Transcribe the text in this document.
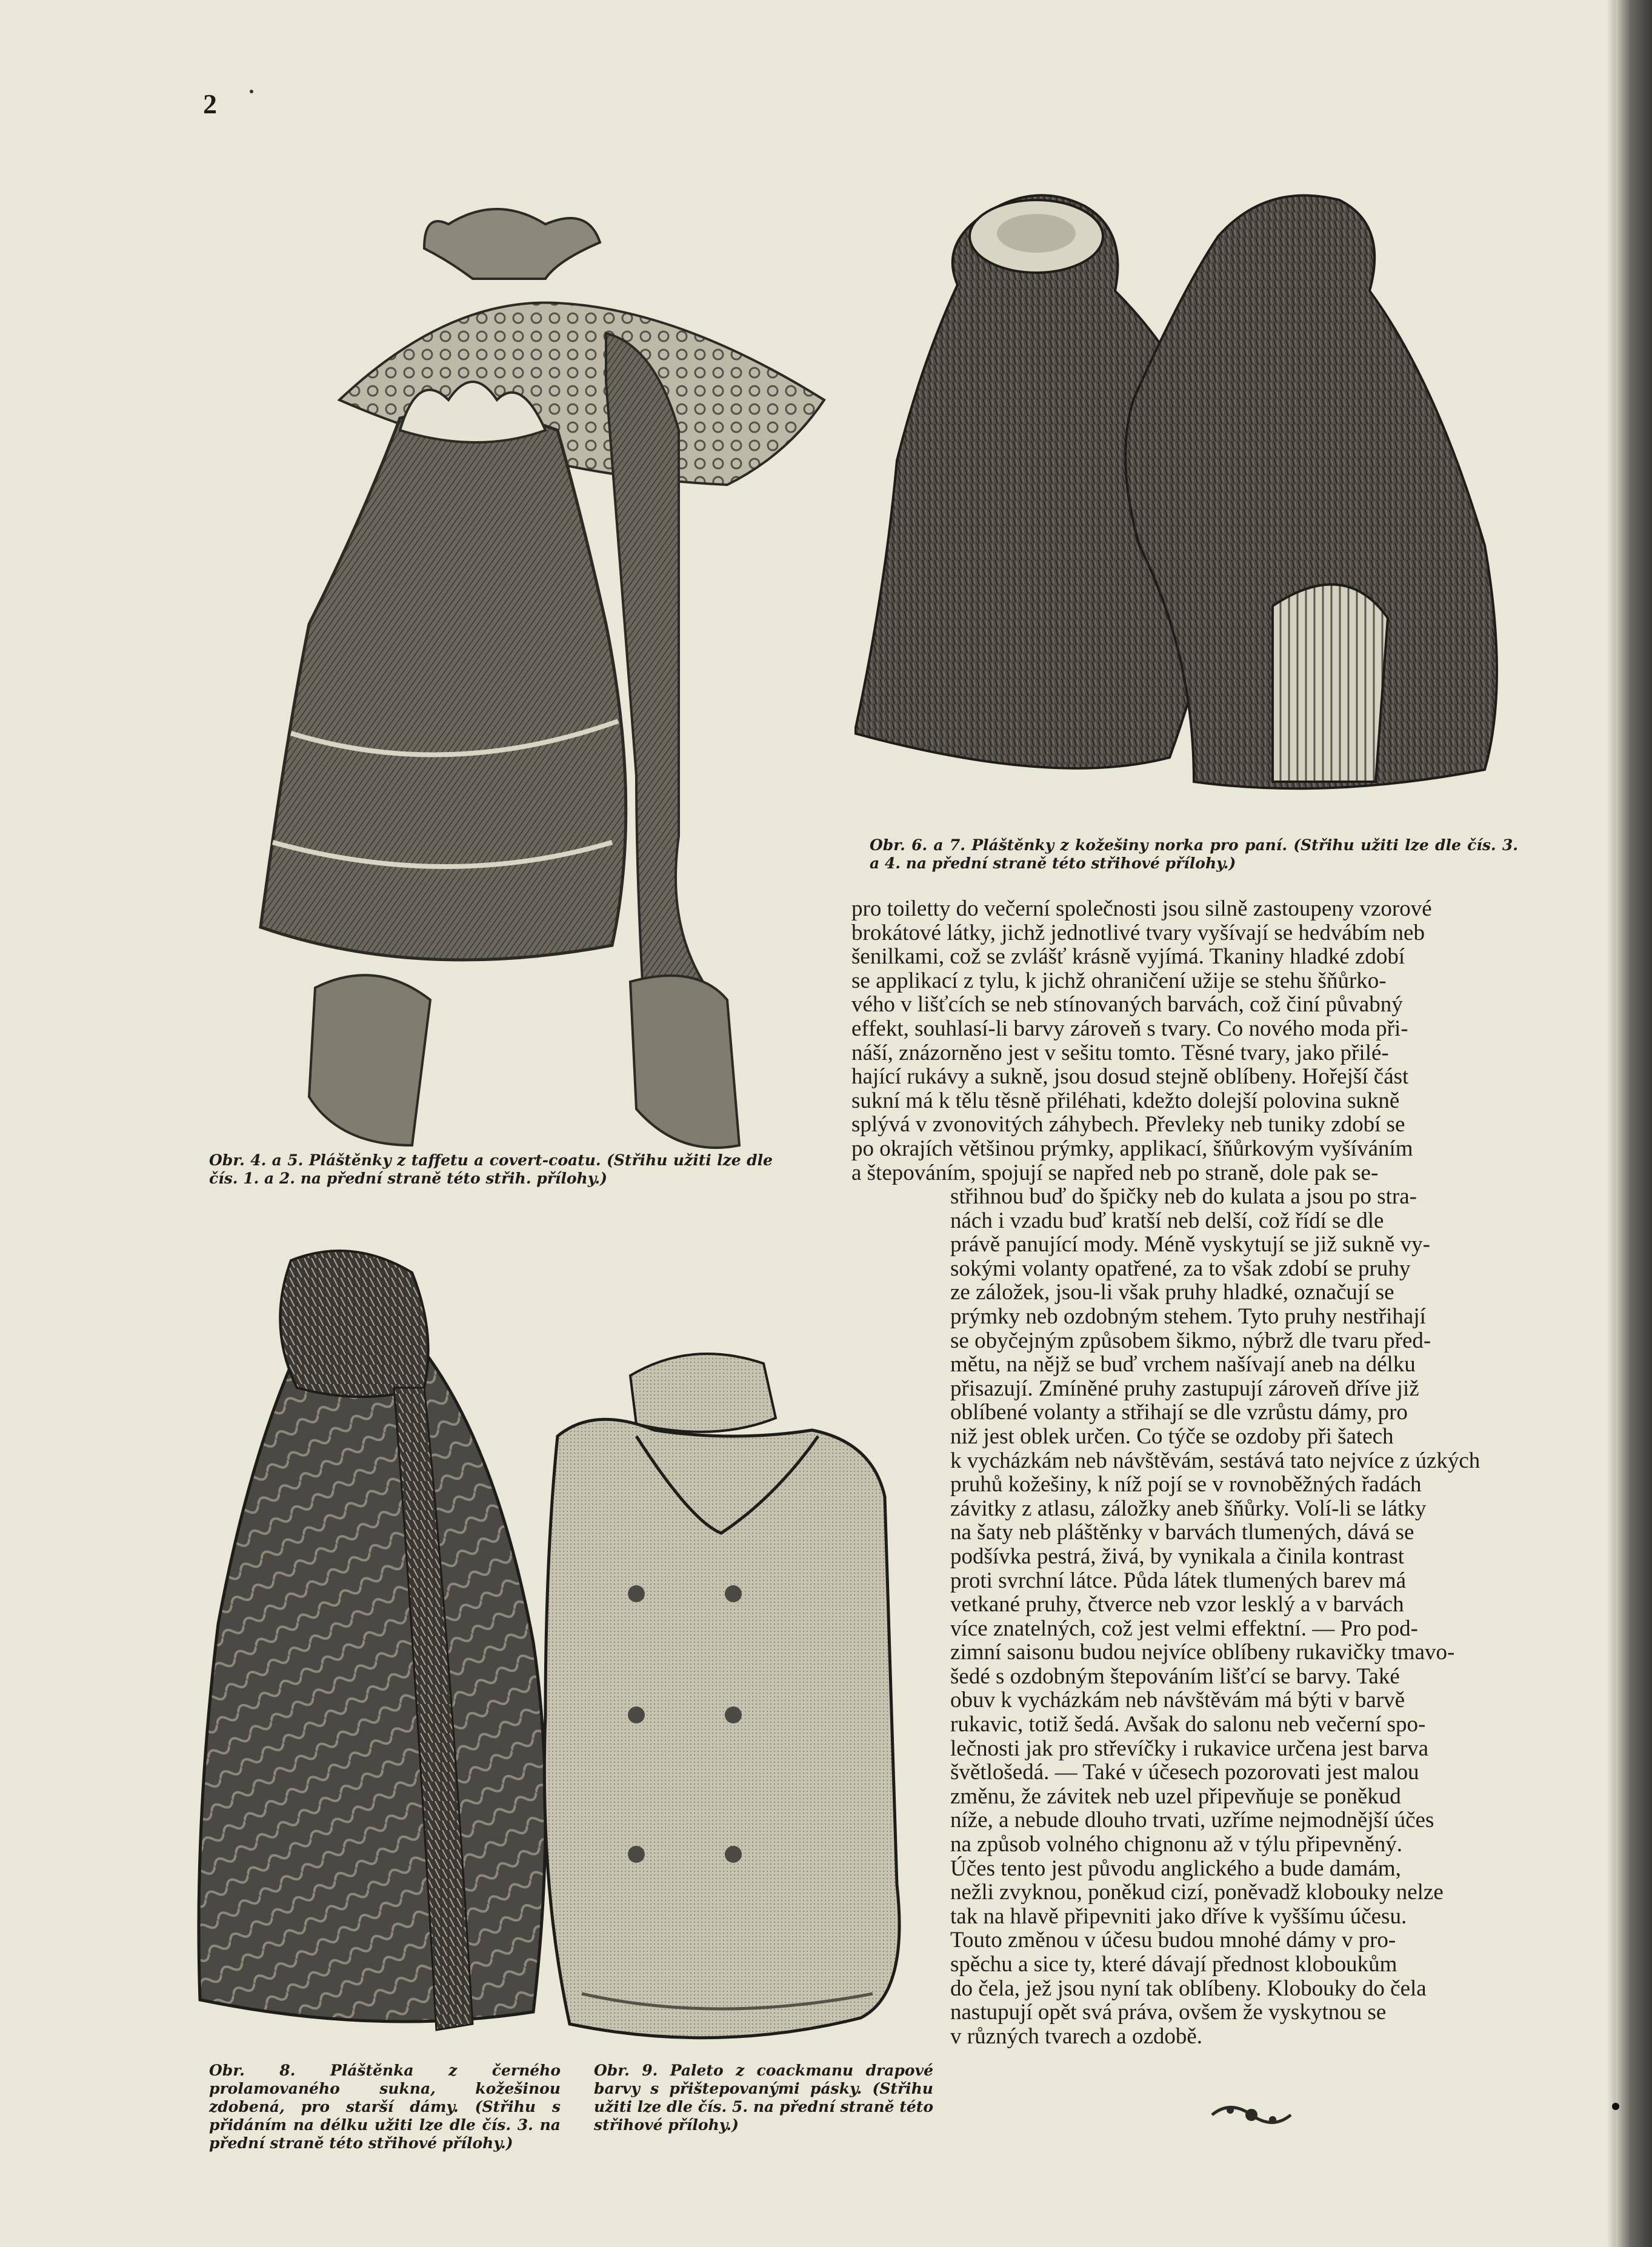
2
Obr. 4. a 5. Pláštěnky z taffetu a covert-coatu. (Střihu užiti lze dle čís. 1. a 2. na přední straně této střih. přílohy.)
Obr. 6. a 7. Pláštěnky z kožešiny norka pro paní. (Střihu užiti lze dle čís. 3. a 4. na přední straně této střihové přílohy.)
Obr. 8. Pláštěnka z černého prolamovaného sukna, kožešinou zdobená, pro starší dámy. (Střihu s přidáním na délku užiti lze dle čís. 3. na přední straně této střihové přílohy.)
Obr. 9. Paleto z coackmanu drapové barvy s přištepovanými pásky. (Střihu užiti lze dle čís. 5. na přední straně této střihové přílohy.)
pro toiletty do večerní společnosti jsou silně zastoupeny vzorové
brokátové látky, jichž jednotlivé tvary vyšívají se hedvábím neb
šenilkami, což se zvlášť krásně vyjímá. Tkaniny hladké zdobí
se applikací z tylu, k jichž ohraničení užije se stehu šňůrko-
vého v lišťcích se neb stínovaných barvách, což činí půvabný
effekt, souhlasí-li barvy zároveň s tvary. Co nového moda při-
náší, znázorněno jest v sešitu tomto. Těsné tvary, jako přilé-
hající rukávy a sukně, jsou dosud stejně oblíbeny. Hořejší část
sukní má k tělu těsně přiléhati, kdežto dolejší polovina sukně
splývá v zvonovitých záhybech. Převleky neb tuniky zdobí se
po okrajích většinou prýmky, applikací, šňůrkovým vyšíváním
a štepováním, spojují se napřed neb po straně, dole pak se-
střihnou buď do špičky neb do kulata a jsou po stra-
nách i vzadu buď kratší neb delší, což řídí se dle
právě panující mody. Méně vyskytují se již sukně vy-
sokými volanty opatřené, za to však zdobí se pruhy
ze záložek, jsou-li však pruhy hladké, označují se
prýmky neb ozdobným stehem. Tyto pruhy nestřihají
se obyčejným způsobem šikmo, nýbrž dle tvaru před-
mětu, na nějž se buď vrchem našívají aneb na délku
přisazují. Zmíněné pruhy zastupují zároveň dříve již
oblíbené volanty a střihají se dle vzrůstu dámy, pro
niž jest oblek určen. Co týče se ozdoby při šatech
k vycházkám neb návštěvám, sestává tato nejvíce z úzkých
pruhů kožešiny, k níž pojí se v rovnoběžných řadách
závitky z atlasu, záložky aneb šňůrky. Volí-li se látky
na šaty neb pláštěnky v barvách tlumených, dává se
podšívka pestrá, živá, by vynikala a činila kontrast
proti svrchní látce. Půda látek tlumených barev má
vetkané pruhy, čtverce neb vzor lesklý a v barvách
více znatelných, což jest velmi effektní. — Pro pod-
zimní saisonu budou nejvíce oblíbeny rukavičky tmavo-
šedé s ozdobným štepováním lišťcí se barvy. Také
obuv k vycházkám neb návštěvám má býti v barvě
rukavic, totiž šedá. Avšak do salonu neb večerní spo-
lečnosti jak pro střevíčky i rukavice určena jest barva
švětlošedá. — Také v účesech pozorovati jest malou
změnu, že závitek neb uzel připevňuje se poněkud
níže, a nebude dlouho trvati, uzříme nejmodnější účes
na způsob volného chignonu až v týlu připevněný.
Účes tento jest původu anglického a bude damám,
nežli zvyknou, poněkud cizí, poněvadž klobouky nelze
tak na hlavě připevniti jako dříve k vyššímu účesu.
Touto změnou v účesu budou mnohé dámy v pro-
spěchu a sice ty, které dávají přednost kloboukům
do čela, jež jsou nyní tak oblíbeny. Klobouky do čela
nastupují opět svá práva, ovšem že vyskytnou se
v různých tvarech a ozdobě.
